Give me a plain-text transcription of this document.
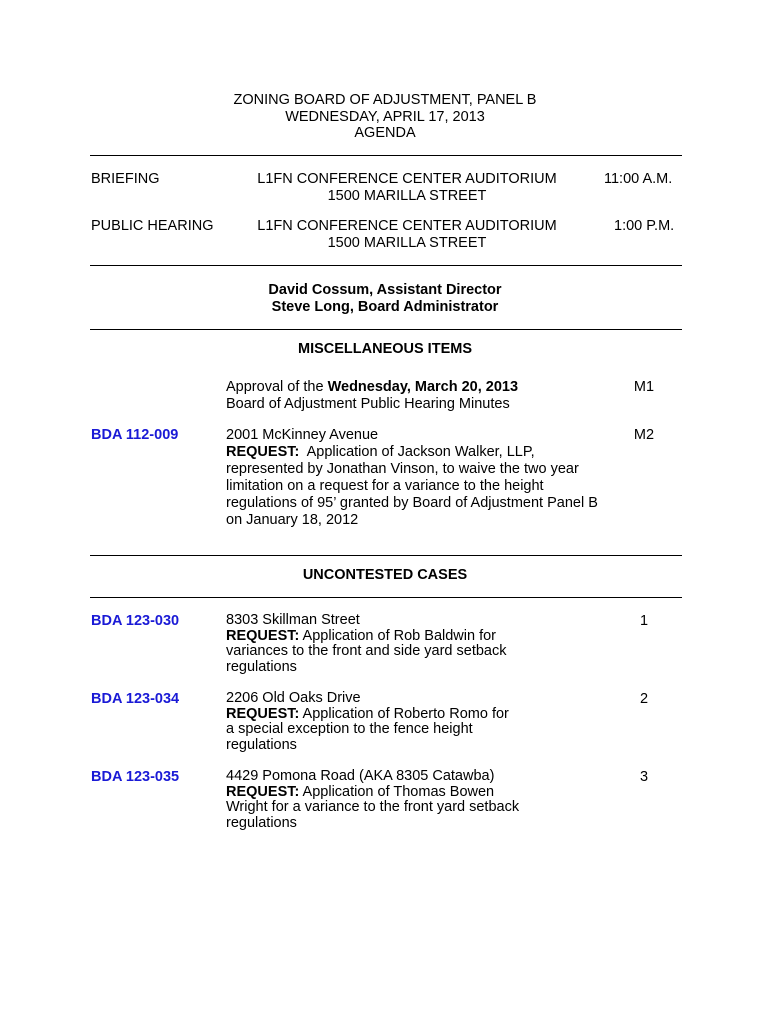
ZONING BOARD OF ADJUSTMENT, PANEL B
WEDNESDAY, APRIL 17, 2013
AGENDA
BRIEFING	L1FN CONFERENCE CENTER AUDITORIUM
1500 MARILLA STREET
11:00 A.M.
PUBLIC HEARING	L1FN CONFERENCE CENTER AUDITORIUM
1500 MARILLA STREET
1:00 P.M.
David Cossum, Assistant Director
Steve Long, Board Administrator
MISCELLANEOUS ITEMS
Approval of the Wednesday, March 20, 2013
Board of Adjustment Public Hearing Minutes
M1
BDA 112-009	2001 McKinney Avenue
REQUEST:  Application of Jackson Walker, LLP,
represented by Jonathan Vinson, to waive the two year
limitation on a request for a variance to the height
regulations of 95’ granted by Board of Adjustment Panel B
on January 18, 2012
M2
UNCONTESTED CASES
BDA 123-030	8303 Skillman Street
REQUEST: Application of Rob Baldwin for
variances to the front and side yard setback
regulations
1
BDA 123-034	2206 Old Oaks Drive
REQUEST: Application of Roberto Romo for
a special exception to the fence height
regulations
2
BDA 123-035	4429 Pomona Road (AKA 8305 Catawba)
REQUEST: Application of Thomas Bowen
Wright for a variance to the front yard setback
regulations
3
